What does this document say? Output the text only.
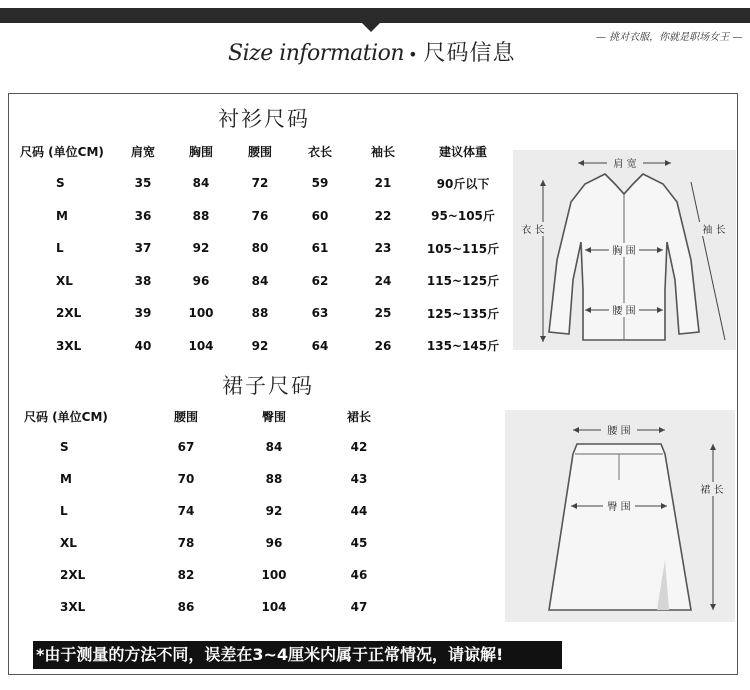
Size information • 尺码信息
— 挑对衣服，你就是职场女王 —
衬衫尺码
尺码 (单位CM)	肩宽	胸围	腰围	衣长	袖长	建议体重
S	35	84	72	59	21	90斤以下
M	36	88	76	60	22	95~105斤
L	37	92	80	61	23	105~115斤
XL	38	96	84	62	24	115~125斤
2XL	39	100	88	63	25	125~135斤
3XL	40	104	92	64	26	135~145斤
肩 宽
衣 长	袖 长
胸 围
腰 围
裙子尺码
尺码 (单位CM)	腰围	臀围	裙长
S	67	84	42
M	70	88	43
L	74	92	44
XL	78	96	45
2XL	82	100	46
3XL	86	104	47
腰 围
臀 围
裙 长
*由于测量的方法不同，误差在3~4厘米内属于正常情况，请谅解!
